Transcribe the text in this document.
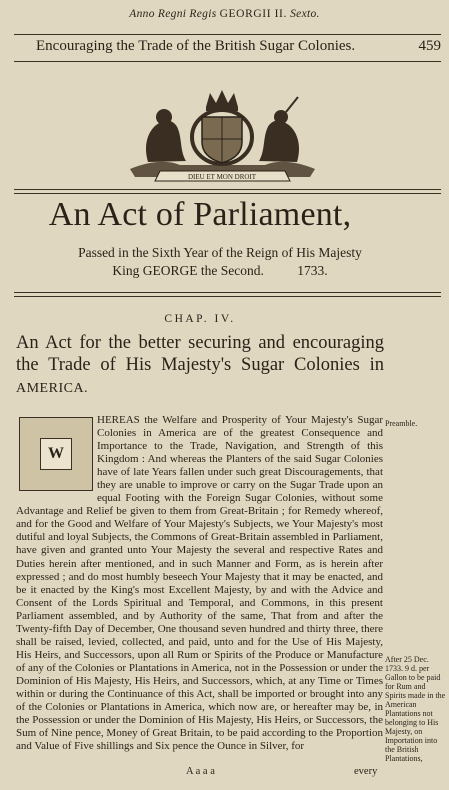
Anno Regni Regis GEORGII II. Sexto.
Encouraging the Trade of the British Sugar Colonies.	459
DIEU ET MON DROIT
An Act of Parliament,
Passed in the Sixth Year of the Reign of His Majesty
King GEORGE the Second. 1733.
CHAP. IV.
An Act for the better securing and encouraging the Trade of His Majesty's Sugar Colonies in AMERICA.
W
HEREAS the Welfare and Prosperity of Your Majesty's Sugar Colonies in America are of the greatest Consequence and Importance to the Trade, Navigation, and Strength of this Kingdom : And whereas the Planters of the said Sugar Colonies have of late Years fallen under such great Discouragements, that they are unable to improve or carry on the Sugar Trade upon an equal Footing with the Foreign Sugar Colonies, without some Advantage and Relief be given to them from Great-Britain ; for Remedy whereof, and for the Good and Welfare of Your Majesty's Subjects, we Your Majesty's most dutiful and loyal Subjects, the Commons of Great-Britain assembled in Parliament, have given and granted unto Your Majesty the several and respective Rates and Duties herein after mentioned, and in such Manner and Form, as is herein after expressed ; and do most humbly beseech Your Majesty that it may be enacted, and be it enacted by the King's most Excellent Majesty, by and with the Advice and Consent of the Lords Spiritual and Temporal, and Commons, in this present Parliament assembled, and by Authority of the same, That from and after the Twenty-fifth Day of December, One thousand seven hundred and thirty three, there shall be raised, levied, collected, and paid, unto and for the Use of His Majesty, His Heirs, and Successors, upon all Rum or Spirits of the Produce or Manufacture of any of the Colonies or Plantations in America, not in the Possession or under the Dominion of His Majesty, His Heirs, and Successors, which, at any Time or Times within or during the Continuance of this Act, shall be imported or brought into any of the Colonies or Plantations in America, which now are, or hereafter may be, in the Possession or under the Dominion of His Majesty, His Heirs, or Successors, the Sum of Nine pence, Money of Great Britain, to be paid according to the Proportion and Value of Five shillings and Six pence the Ounce in Silver, for
Preamble.
After 25 Dec. 1733. 9 d. per Gallon to be paid for Rum and Spirits made in the American Plantations not belonging to His Majesty, on Importation into the British Plantations,
A a a a	every
